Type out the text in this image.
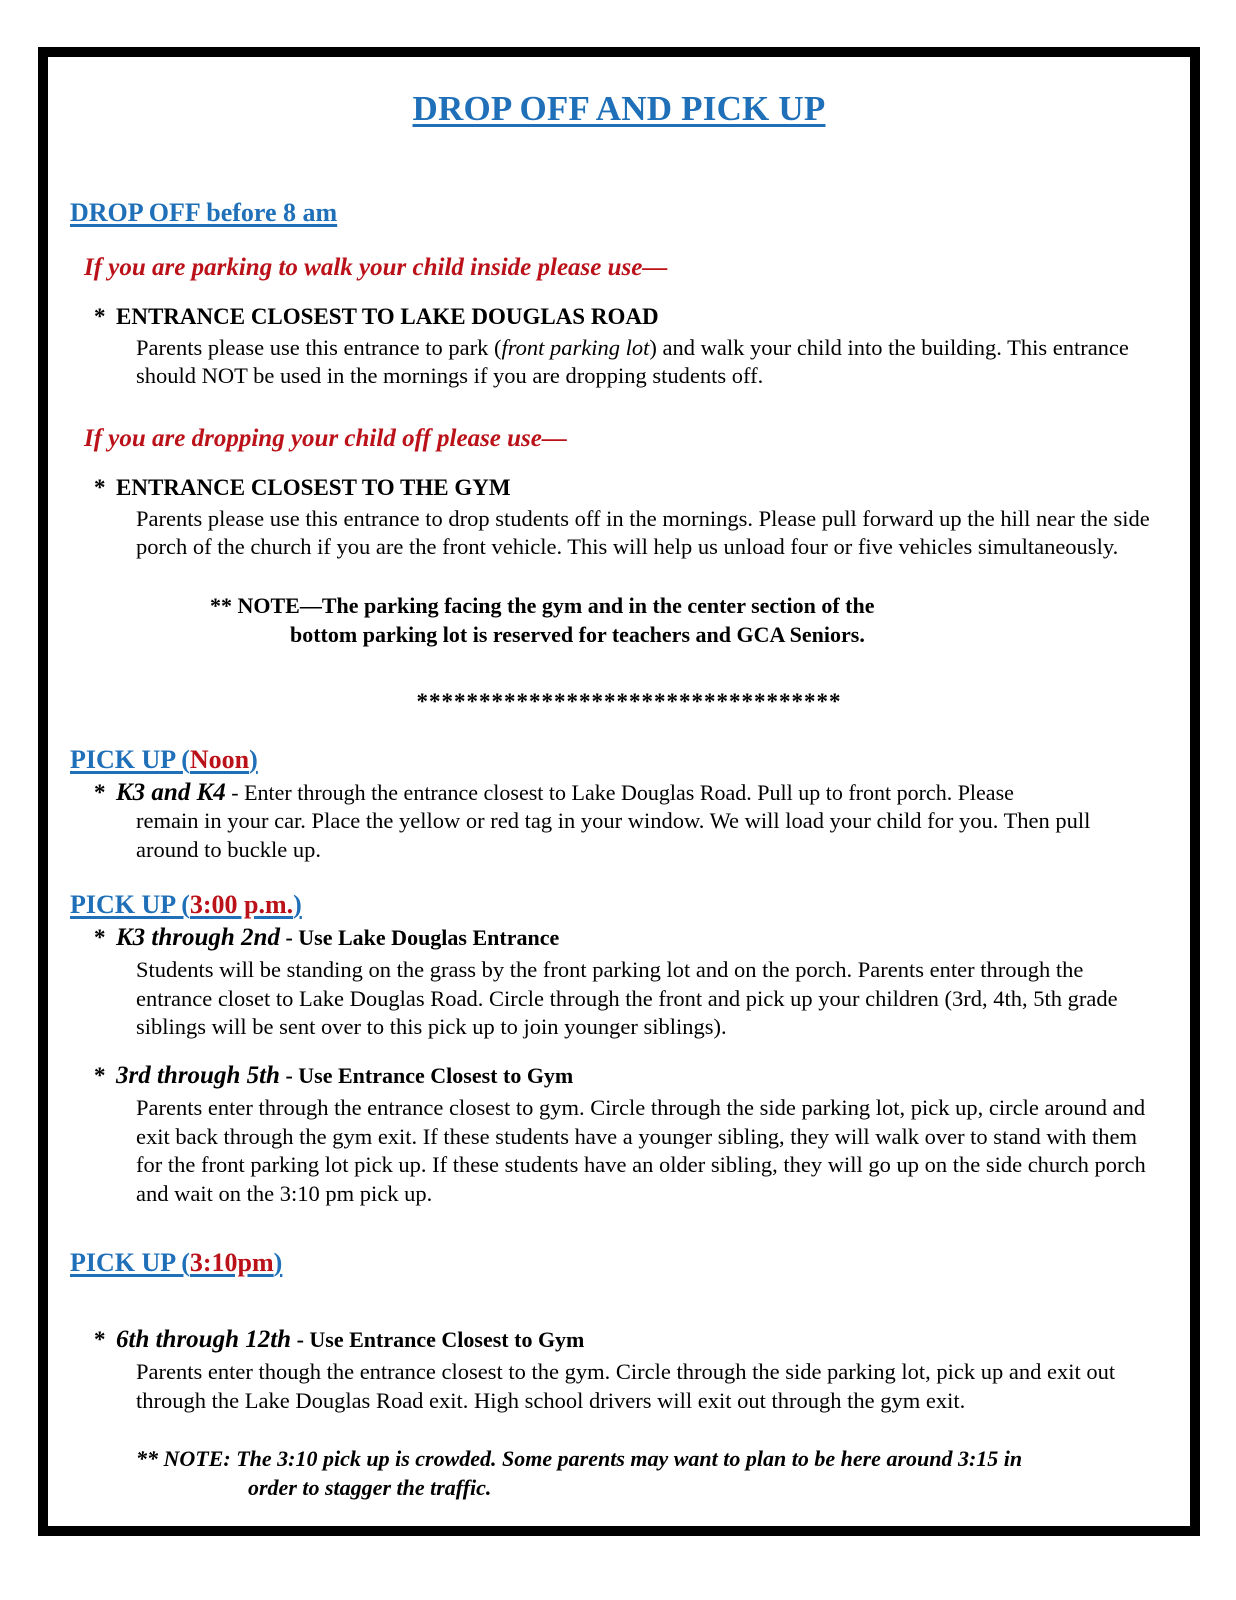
DROP OFF AND PICK UP
DROP OFF before 8 am
If you are parking to walk your child inside please use—
* ENTRANCE CLOSEST TO LAKE DOUGLAS ROAD
Parents please use this entrance to park (front parking lot) and walk your child into the building. This entrance should NOT be used in the mornings if you are dropping students off.
If you are dropping your child off please use—
* ENTRANCE CLOSEST TO THE GYM
Parents please use this entrance to drop students off in the mornings. Please pull forward up the hill near the side porch of the church if you are the front vehicle. This will help us unload four or five vehicles simultaneously.
** NOTE—The parking facing the gym and in the center section of the
bottom parking lot is reserved for teachers and GCA Seniors.
**********************************
PICK UP (Noon)
* K3 and K4 - Enter through the entrance closest to Lake Douglas Road. Pull up to front porch. Please
remain in your car. Place the yellow or red tag in your window. We will load your child for you. Then pull around to buckle up.
PICK UP (3:00 p.m.)
* K3 through 2nd - Use Lake Douglas Entrance
Students will be standing on the grass by the front parking lot and on the porch. Parents enter through the entrance closet to Lake Douglas Road. Circle through the front and pick up your children (3rd, 4th, 5th grade siblings will be sent over to this pick up to join younger siblings).
* 3rd through 5th - Use Entrance Closest to Gym
Parents enter through the entrance closest to gym. Circle through the side parking lot, pick up, circle around and exit back through the gym exit. If these students have a younger sibling, they will walk over to stand with them for the front parking lot pick up. If these students have an older sibling, they will go up on the side church porch and wait on the 3:10 pm pick up.
PICK UP (3:10pm)
* 6th through 12th - Use Entrance Closest to Gym
Parents enter though the entrance closest to the gym. Circle through the side parking lot, pick up and exit out through the Lake Douglas Road exit. High school drivers will exit out through the gym exit.
** NOTE: The 3:10 pick up is crowded. Some parents may want to plan to be here around 3:15 in
order to stagger the traffic.
